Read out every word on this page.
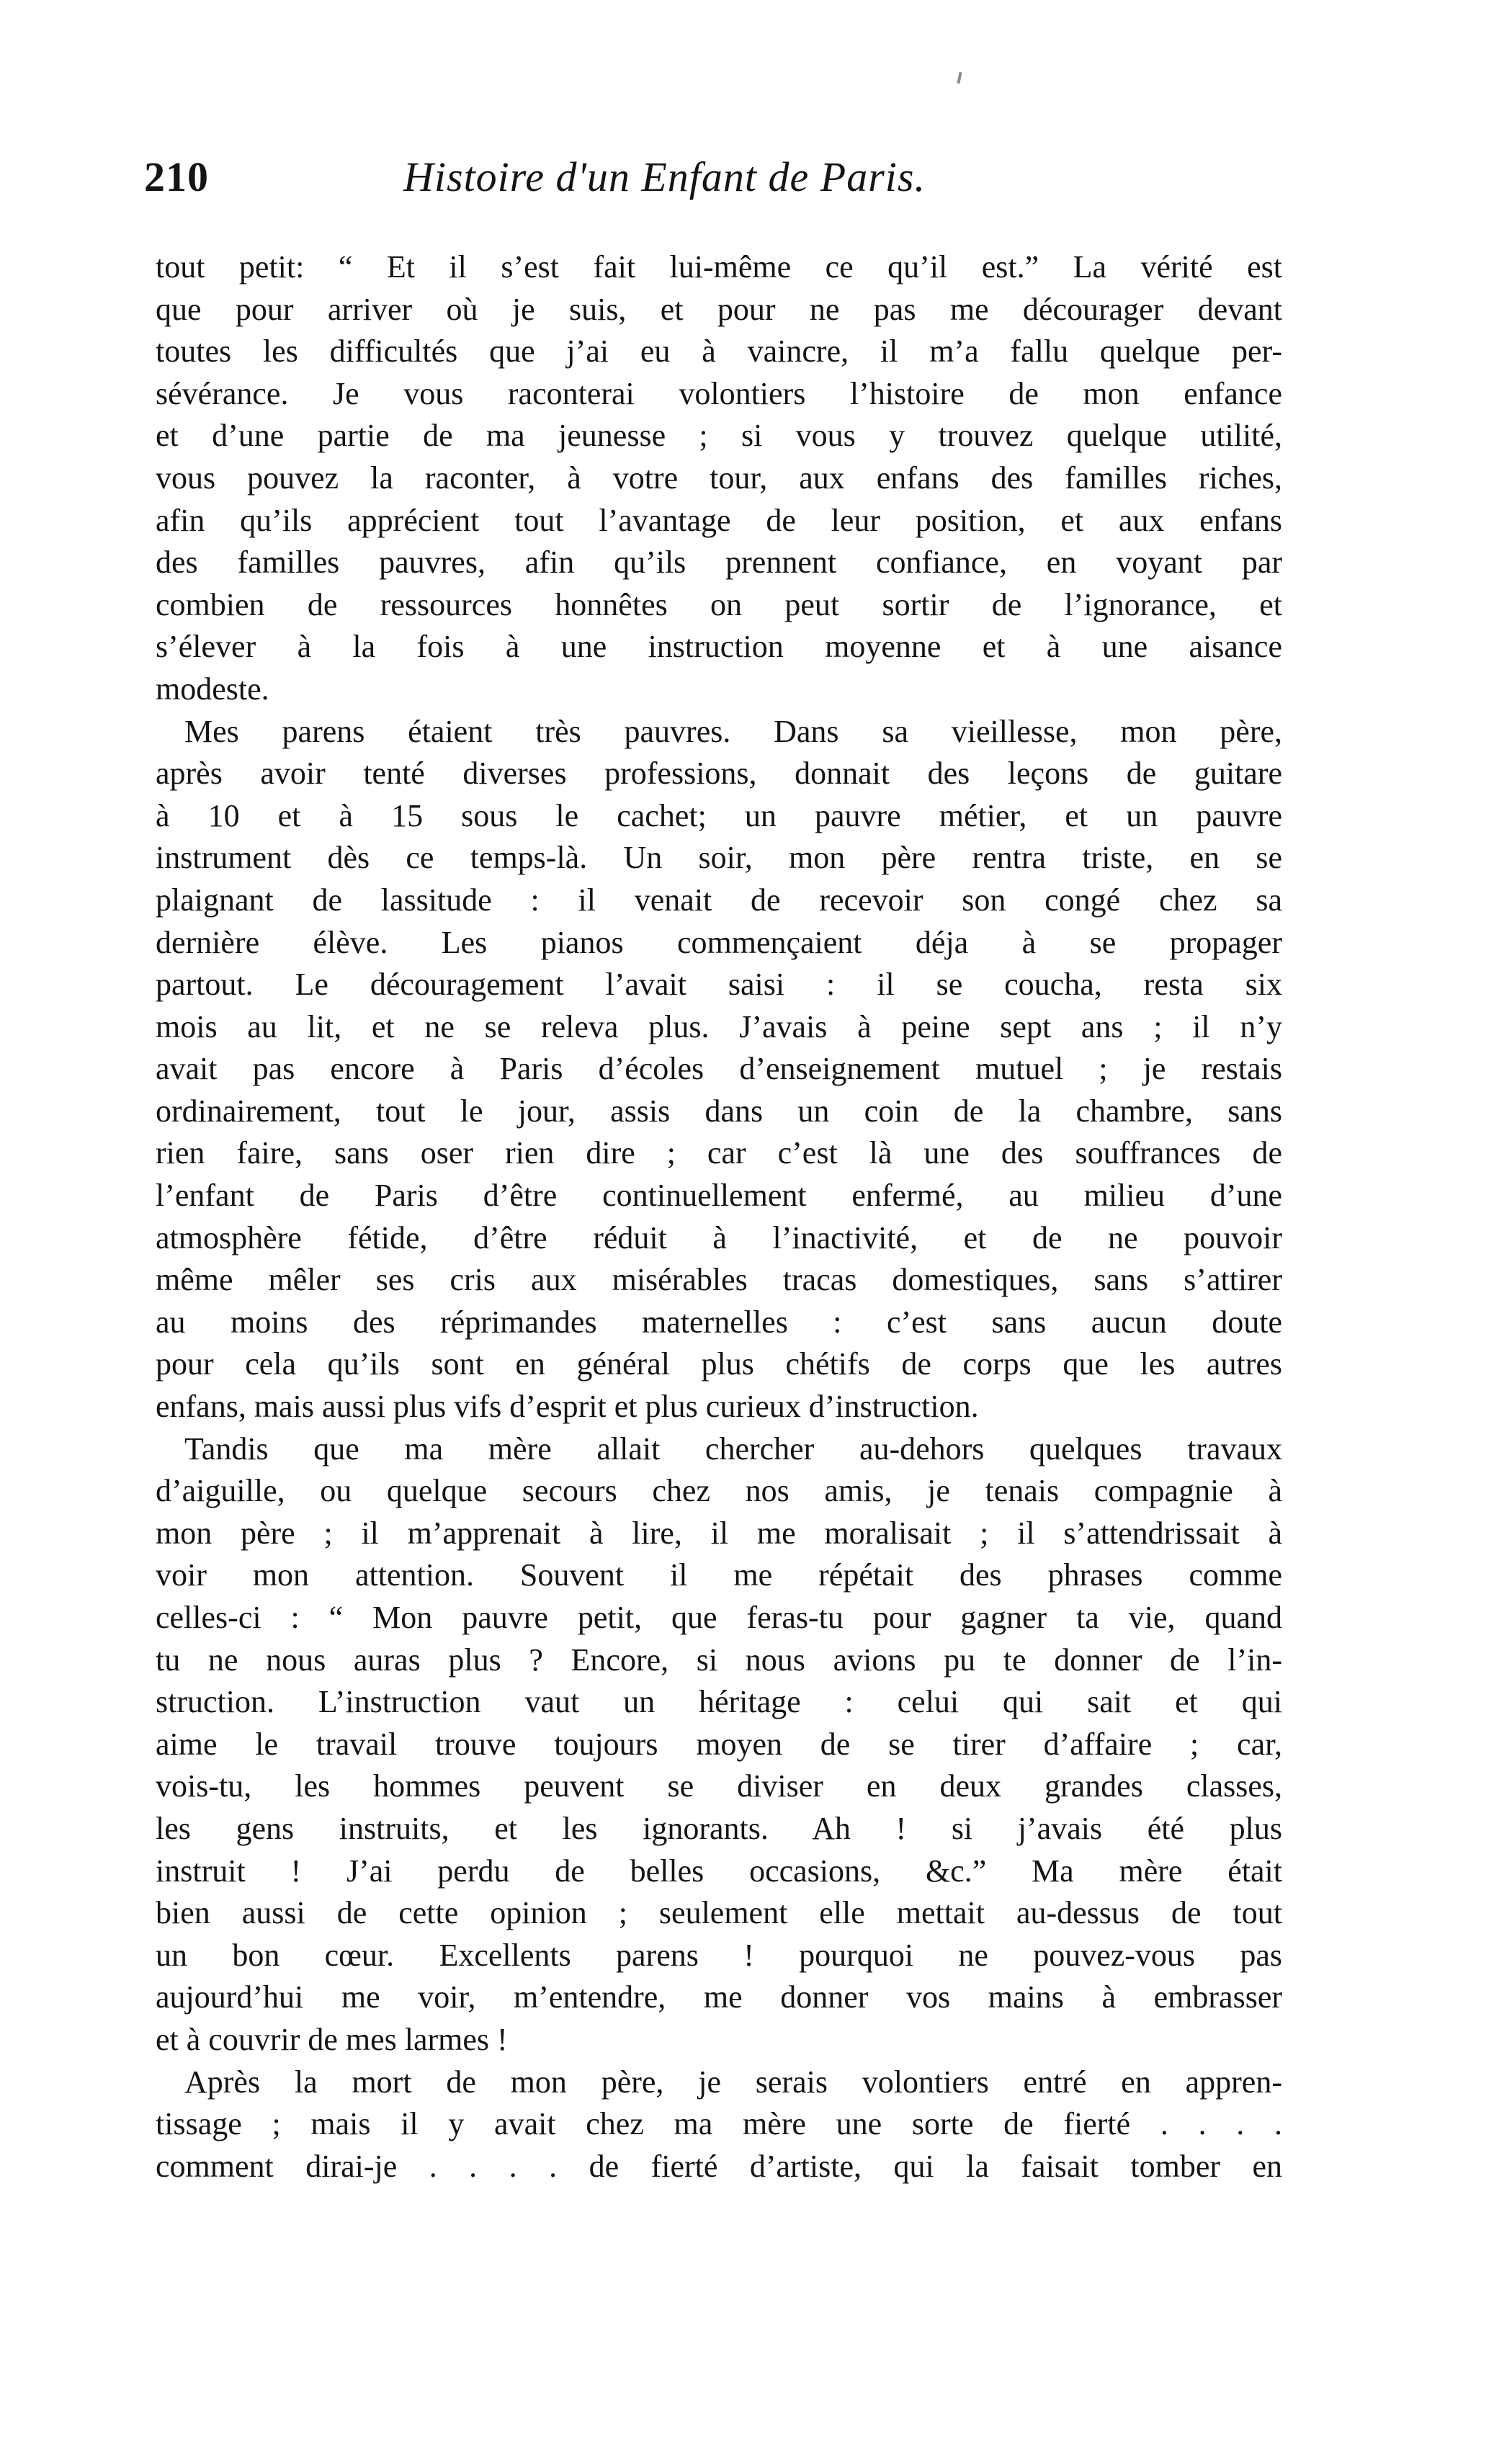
210	Histoire d'un Enfant de Paris.
tout petit: “ Et il s’est fait lui-même ce qu’il est.” La vérité est
que pour arriver où je suis, et pour ne pas me décourager devant
toutes les difficultés que j’ai eu à vaincre, il m’a fallu quelque per-
sévérance. Je vous raconterai volontiers l’histoire de mon enfance
et d’une partie de ma jeunesse ; si vous y trouvez quelque utilité,
vous pouvez la raconter, à votre tour, aux enfans des familles riches,
afin qu’ils apprécient tout l’avantage de leur position, et aux enfans
des familles pauvres, afin qu’ils prennent confiance, en voyant par
combien de ressources honnêtes on peut sortir de l’ignorance, et
s’élever à la fois à une instruction moyenne et à une aisance
modeste.
Mes parens étaient très pauvres. Dans sa vieillesse, mon père,
après avoir tenté diverses professions, donnait des leçons de guitare
à 10 et à 15 sous le cachet; un pauvre métier, et un pauvre
instrument dès ce temps-là. Un soir, mon père rentra triste, en se
plaignant de lassitude : il venait de recevoir son congé chez sa
dernière élève. Les pianos commençaient déja à se propager
partout. Le découragement l’avait saisi : il se coucha, resta six
mois au lit, et ne se releva plus. J’avais à peine sept ans ; il n’y
avait pas encore à Paris d’écoles d’enseignement mutuel ; je restais
ordinairement, tout le jour, assis dans un coin de la chambre, sans
rien faire, sans oser rien dire ; car c’est là une des souffrances de
l’enfant de Paris d’être continuellement enfermé, au milieu d’une
atmosphère fétide, d’être réduit à l’inactivité, et de ne pouvoir
même mêler ses cris aux misérables tracas domestiques, sans s’attirer
au moins des réprimandes maternelles : c’est sans aucun doute
pour cela qu’ils sont en général plus chétifs de corps que les autres
enfans, mais aussi plus vifs d’esprit et plus curieux d’instruction.
Tandis que ma mère allait chercher au-dehors quelques travaux
d’aiguille, ou quelque secours chez nos amis, je tenais compagnie à
mon père ; il m’apprenait à lire, il me moralisait ; il s’attendrissait à
voir mon attention. Souvent il me répétait des phrases comme
celles-ci : “ Mon pauvre petit, que feras-tu pour gagner ta vie, quand
tu ne nous auras plus ? Encore, si nous avions pu te donner de l’in-
struction. L’instruction vaut un héritage : celui qui sait et qui
aime le travail trouve toujours moyen de se tirer d’affaire ; car,
vois-tu, les hommes peuvent se diviser en deux grandes classes,
les gens instruits, et les ignorants. Ah ! si j’avais été plus
instruit ! J’ai perdu de belles occasions, &c.” Ma mère était
bien aussi de cette opinion ; seulement elle mettait au-dessus de tout
un bon cœur. Excellents parens ! pourquoi ne pouvez-vous pas
aujourd’hui me voir, m’entendre, me donner vos mains à embrasser
et à couvrir de mes larmes !
Après la mort de mon père, je serais volontiers entré en appren-
tissage ; mais il y avait chez ma mère une sorte de fierté . . . .
comment dirai-je . . . . de fierté d’artiste, qui la faisait tomber en
